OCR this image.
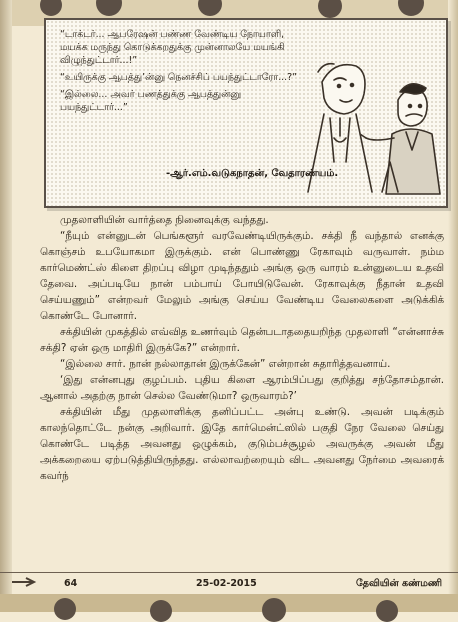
“டாக்டர்... ஆபரேஷன் பண்ண வேண்டிய நோயாளி, மயக்க மருந்து கொடுக்கறதுக்கு முன்னாலயே மயங்கி விழுந்துட்டார்...!”

“உயிருக்கு ஆபத்து’ன்னு நெனச்சிப் பயந்துட்டாரோ...?”

“இல்லை... அவர் பணத்துக்கு ஆபத்துன்னு பயந்துட்டார்...”

-ஆர்.எம்.வடுகநாதன், வேதாரண்யம்.

முதலாளியின் வார்த்தை நினைவுக்கு வந்தது.

“நீயும் என்னுடன் பெங்களூர் வரவேண்டியிருக்கும். சக்தி நீ வந்தால் எனக்கு கொஞ்சம் உபயோகமா இருக்கும். என் பொண்ணு ரேகாவும் வருவாள். நம்ம கார்மெண்ட்ஸ் கிளை திறப்பு விழா முடிந்ததும் அங்கு ஒரு வாரம் உன்னுடைய உதவி தேவை. அப்படியே நான் பம்பாய் போயிடுவேன். ரேகாவுக்கு நீதான் உதவி செய்யணும்” என்றவர் மேலும் அங்கு செய்ய வேண்டிய வேலைகளை அடுக்கிக் கொண்டே போனார்.

சக்தியின் முகத்தில் எவ்வித உணர்வும் தென்படாததையறிந்த முதலாளி “என்னாச்சு சக்தி? ஏன் ஒரு மாதிரி இருக்கே?” என்றார்.

“இல்லை சார். நான் நல்லாதான் இருக்கேன்” என்றான் சுதாரித்தவனாய்.

‘இது என்னபுது குழப்பம். புதிய கிளை ஆரம்பிப்பது குறித்து சந்தோசம்தான். ஆனால் அதற்கு நான் செல்ல வேண்டுமா? ஒருவாரம்?’

சக்தியின் மீது முதலாளிக்கு தனிப்பட்ட அன்பு உண்டு. அவன் படிக்கும் காலந்தொட்டே நன்கு அறிவார். இதே கார்மென்ட்ஸில் பகுதி நேர வேலை செய்து கொண்டே படித்த அவனது ஒழுக்கம், குடும்பச்சூழல் அவருக்கு அவன் மீது அக்கறையை ஏற்படுத்தியிருந்தது. எல்லாவற்றையும் விட அவனது நேர்மை அவரைக் கவர்ந்

64	25-02-2015	தேவியின் கண்மணி
